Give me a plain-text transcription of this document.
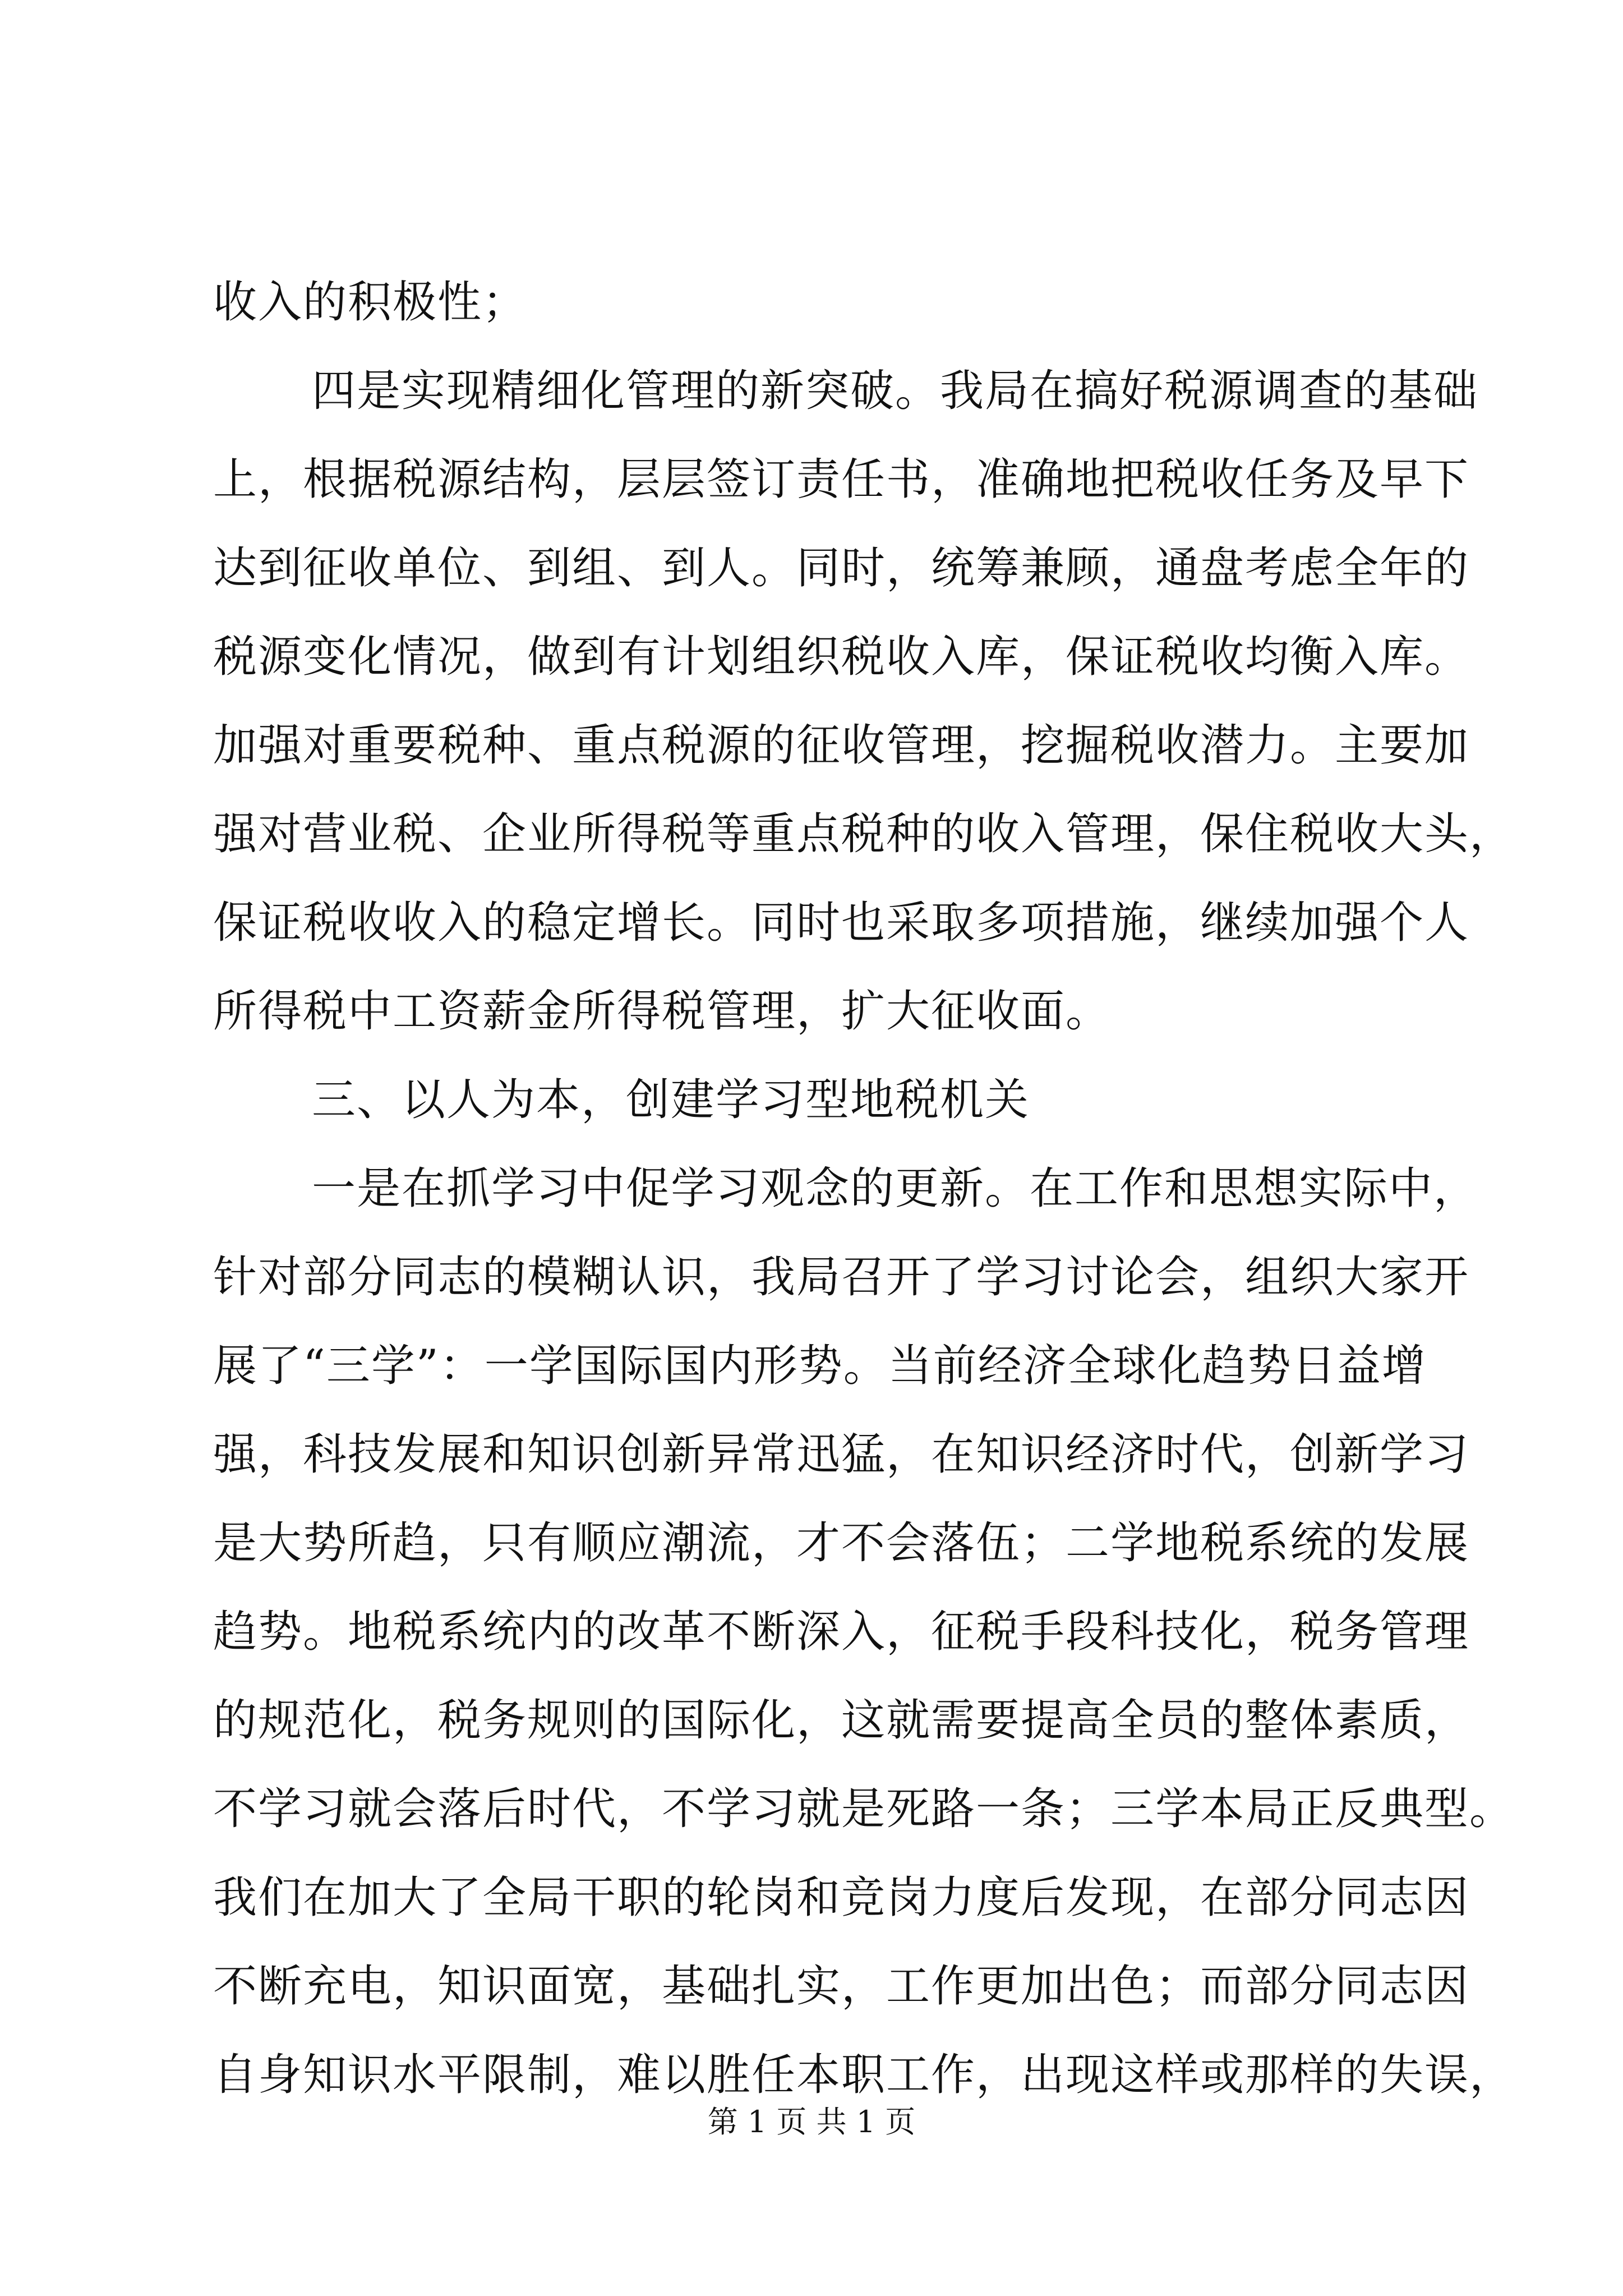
收入的积极性；
四是实现精细化管理的新突破。我局在搞好税源调查的基础
上，根据税源结构，层层签订责任书，准确地把税收任务及早下
达到征收单位、到组、到人。同时，统筹兼顾，通盘考虑全年的
税源变化情况，做到有计划组织税收入库，保证税收均衡入库。
加强对重要税种、重点税源的征收管理，挖掘税收潜力。主要加
强对营业税、企业所得税等重点税种的收入管理，保住税收大头，
保证税收收入的稳定增长。同时也采取多项措施，继续加强个人
所得税中工资薪金所得税管理，扩大征收面。
三、以人为本，创建学习型地税机关
一是在抓学习中促学习观念的更新。在工作和思想实际中，
针对部分同志的模糊认识，我局召开了学习讨论会，组织大家开
展了“三学”：一学国际国内形势。当前经济全球化趋势日益增
强，科技发展和知识创新异常迅猛，在知识经济时代，创新学习
是大势所趋，只有顺应潮流，才不会落伍；二学地税系统的发展
趋势。地税系统内的改革不断深入，征税手段科技化，税务管理
的规范化，税务规则的国际化，这就需要提高全员的整体素质，
不学习就会落后时代，不学习就是死路一条；三学本局正反典型。
我们在加大了全局干职的轮岗和竞岗力度后发现，在部分同志因
不断充电，知识面宽，基础扎实，工作更加出色；而部分同志因
自身知识水平限制，难以胜任本职工作，出现这样或那样的失误，
第 1 页 共 1 页
